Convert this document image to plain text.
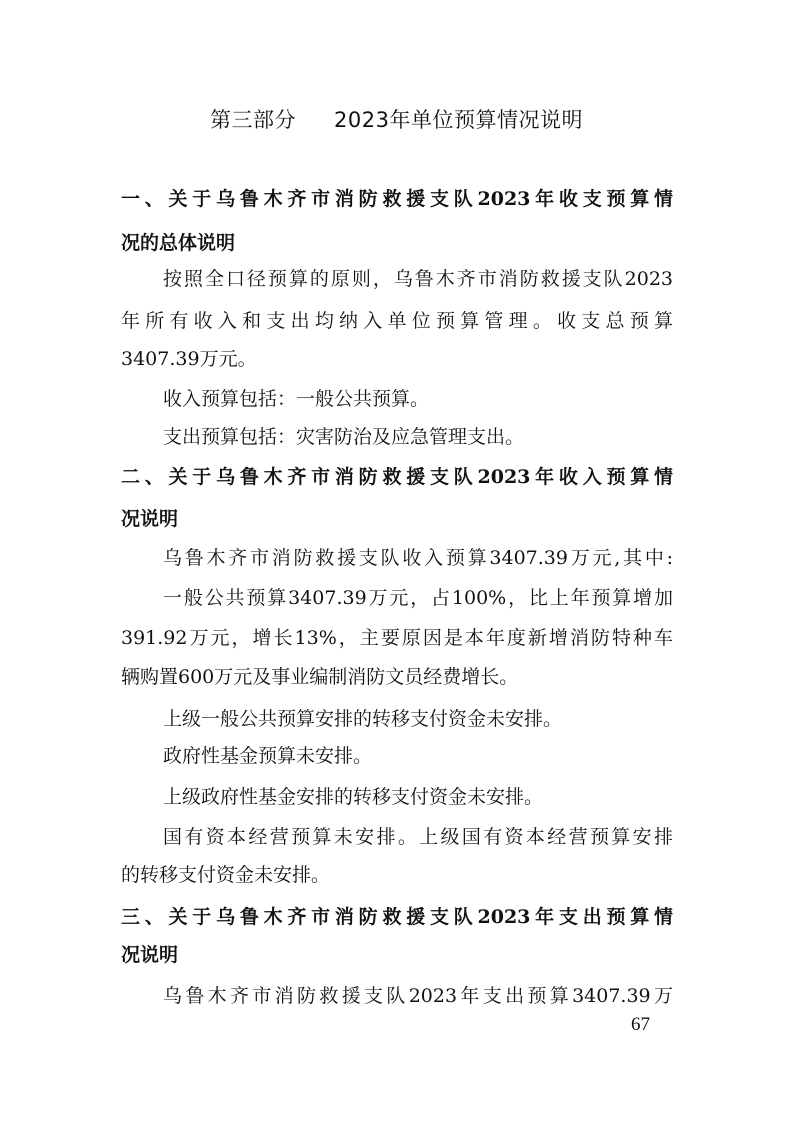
第三部分 2023年单位预算情况说明
一、关于乌鲁木齐市消防救援支队2023年收支预算情
况的总体说明
按照全口径预算的原则，乌鲁木齐市消防救援支队2023
年所有收入和支出均纳入单位预算管理。收支总预算
3407.39万元。
收入预算包括：一般公共预算。
支出预算包括：灾害防治及应急管理支出。
二、关于乌鲁木齐市消防救援支队2023年收入预算情
况说明
乌鲁木齐市消防救援支队收入预算3407.39万元,其中:
一般公共预算3407.39万元，占100%，比上年预算增加
391.92万元，增长13%，主要原因是本年度新增消防特种车
辆购置600万元及事业编制消防文员经费增长。
上级一般公共预算安排的转移支付资金未安排。
政府性基金预算未安排。
上级政府性基金安排的转移支付资金未安排。
国有资本经营预算未安排。上级国有资本经营预算安排
的转移支付资金未安排。
三、关于乌鲁木齐市消防救援支队2023年支出预算情
况说明
乌鲁木齐市消防救援支队2023年支出预算3407.39万
67
